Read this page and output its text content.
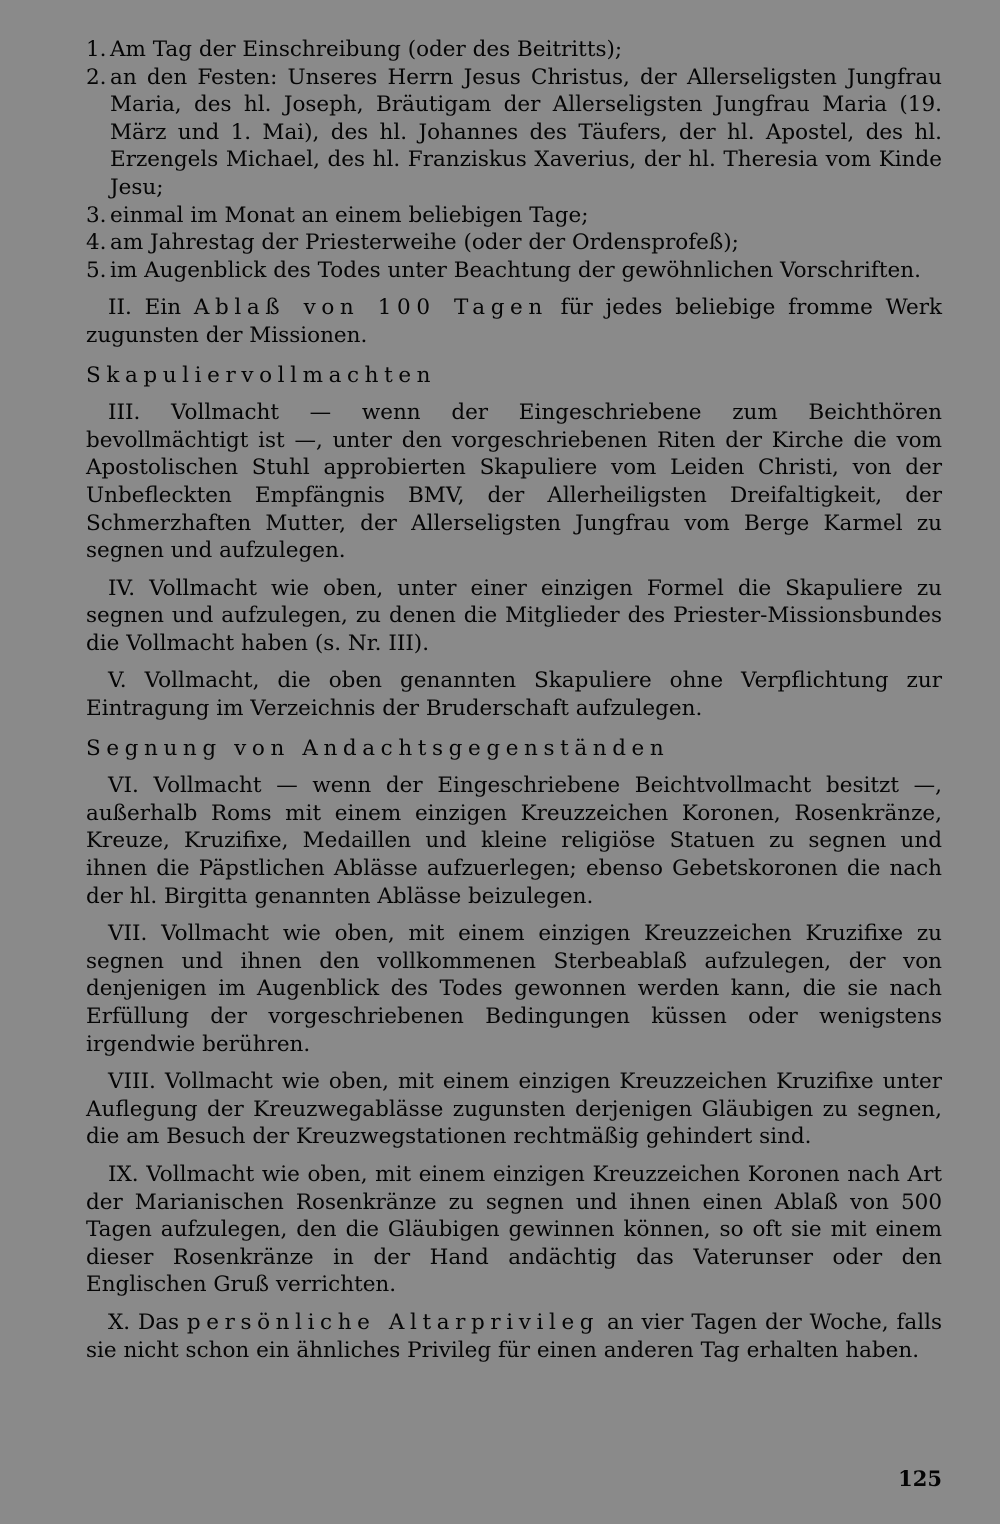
1. Am Tag der Einschreibung (oder des Beitritts);
2. an den Festen: Unseres Herrn Jesus Christus, der Allerseligsten Jungfrau Maria, des hl. Joseph, Bräutigam der Allerseligsten Jungfrau Maria (19. März und 1. Mai), des hl. Johannes des Täufers, der hl. Apostel, des hl. Erzengels Michael, des hl. Franziskus Xaverius, der hl. Theresia vom Kinde Jesu;
3. einmal im Monat an einem beliebigen Tage;
4. am Jahrestag der Priesterweihe (oder der Ordensprofeß);
5. im Augenblick des Todes unter Beachtung der gewöhnlichen Vorschriften.

II. Ein Ablaß von 100 Tagen für jedes beliebige fromme Werk zugunsten der Missionen.

Skapuliervollmachten

III. Vollmacht — wenn der Eingeschriebene zum Beichthören bevollmächtigt ist —, unter den vorgeschriebenen Riten der Kirche die vom Apostolischen Stuhl approbierten Skapuliere vom Leiden Christi, von der Unbefleckten Empfängnis BMV, der Allerheiligsten Dreifaltigkeit, der Schmerzhaften Mutter, der Allerseligsten Jungfrau vom Berge Karmel zu segnen und aufzulegen.

IV. Vollmacht wie oben, unter einer einzigen Formel die Skapuliere zu segnen und aufzulegen, zu denen die Mitglieder des Priester-Missionsbundes die Vollmacht haben (s. Nr. III).

V. Vollmacht, die oben genannten Skapuliere ohne Verpflichtung zur Eintragung im Verzeichnis der Bruderschaft aufzulegen.

Segnung von Andachtsgegenständen

VI. Vollmacht — wenn der Eingeschriebene Beichtvollmacht besitzt —, außerhalb Roms mit einem einzigen Kreuzzeichen Koronen, Rosenkränze, Kreuze, Kruzifixe, Medaillen und kleine religiöse Statuen zu segnen und ihnen die Päpstlichen Ablässe aufzuerlegen; ebenso Gebetskoronen die nach der hl. Birgitta genannten Ablässe beizulegen.

VII. Vollmacht wie oben, mit einem einzigen Kreuzzeichen Kruzifixe zu segnen und ihnen den vollkommenen Sterbeablaß aufzulegen, der von denjenigen im Augenblick des Todes gewonnen werden kann, die sie nach Erfüllung der vorgeschriebenen Bedingungen küssen oder wenigstens irgendwie berühren.

VIII. Vollmacht wie oben, mit einem einzigen Kreuzzeichen Kruzifixe unter Auflegung der Kreuzwegablässe zugunsten derjenigen Gläubigen zu segnen, die am Besuch der Kreuzwegstationen rechtmäßig gehindert sind.

IX. Vollmacht wie oben, mit einem einzigen Kreuzzeichen Koronen nach Art der Marianischen Rosenkränze zu segnen und ihnen einen Ablaß von 500 Tagen aufzulegen, den die Gläubigen gewinnen können, so oft sie mit einem dieser Rosenkränze in der Hand andächtig das Vaterunser oder den Englischen Gruß verrichten.

X. Das persönliche Altarprivileg an vier Tagen der Woche, falls sie nicht schon ein ähnliches Privileg für einen anderen Tag erhalten haben.

125
